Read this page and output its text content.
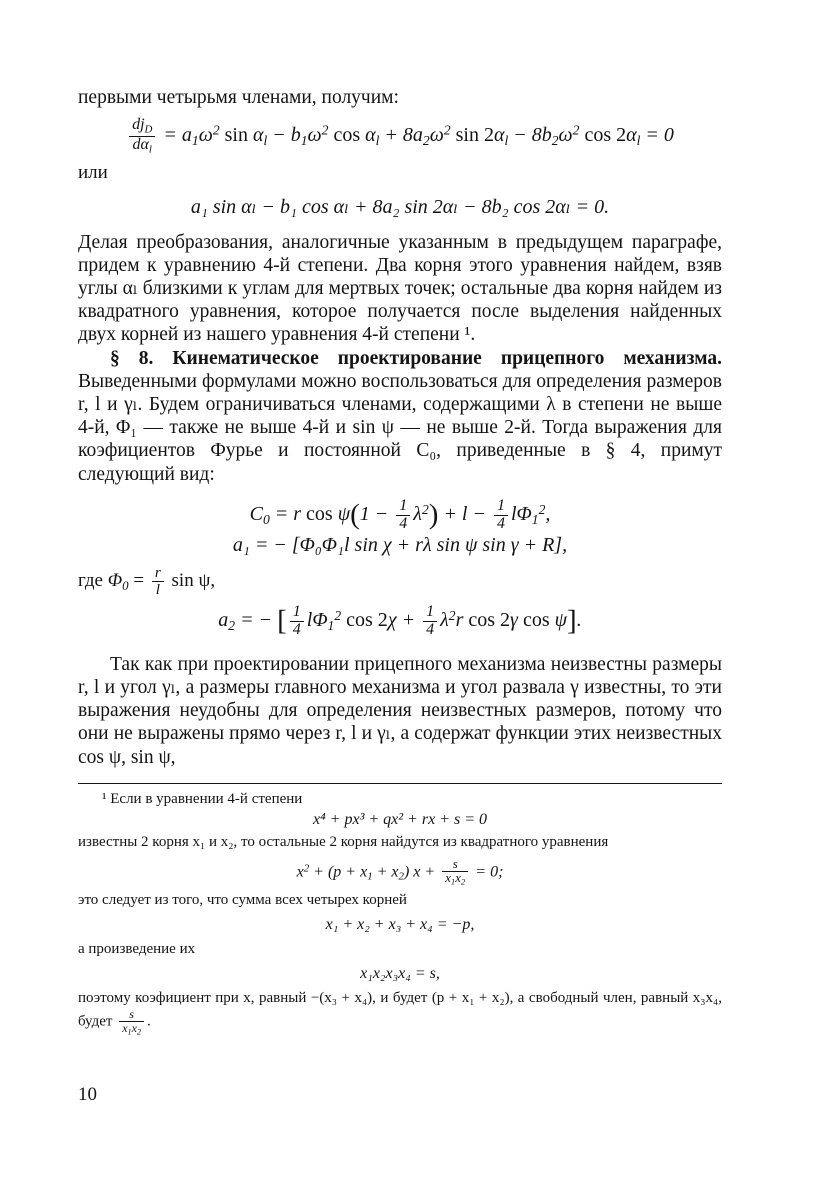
первыми четырьмя членами, получим:

$\frac{dj_D}{d\alpha_l} = a_1\omega^2$ $\sin \alpha_l - b_1\omega^2$ $\cos \alpha_l + 8a_2\omega^2$ $\sin 2\alpha_l - 8b_2\omega^2$ $\cos 2\alpha_l = 0$

или

a₁ sin αₗ − b₁ cos αₗ + 8a₂ sin 2αₗ − 8b₂ cos 2αₗ = 0.

Делая преобразования, аналогичные указанным в предыдущем параграфе, придем к уравнению 4-й степени. Два корня этого уравнения найдем, взяв углы αₗ близкими к углам для мертвых точек; остальные два корня найдем из квадратного уравнения, которое получается после выделения найденных двух корней из нашего уравнения 4-й степени ¹.

§ 8. Кинематическое проектирование прицепного механизма. Выведенными формулами можно воспользоваться для определения размеров r, l и γₗ. Будем ограничиваться членами, содержащими λ в степени не выше 4-й, Φ₁ — также не выше 4-й и sin ψ — не выше 2-й. Тогда выражения для коэфициентов Фурье и постоянной C₀, приведенные в § 4, примут следующий вид:

$C_0 = r$ $\cos \psi(1 - \frac{1}{4} \lambda^2) + l - \frac{1}{4} l\Phi_1^2$,

a₁ = − [Φ₀Φ₁l sin χ + rλ sin ψ sin γ + R],

где $\Phi_0 = \frac{r}{l}$ sin ψ,

$a_2$ = − [ $\frac{1}{4} l\Phi_1^2$ $\cos 2\chi + \frac{1}{4} \lambda^2r$ cos 2γ cos ψ].

Так как при проектировании прицепного механизма неизвестны размеры r, l и угол γₗ, а размеры главного механизма и угол развала γ известны, то эти выражения неудобны для определения неизвестных размеров, потому что они не выражены прямо через r, l и γₗ, а содержат функции этих неизвестных cos ψ, sin ψ,

¹ Если в уравнении 4-й степени

x⁴ + px³ + qx² + rx + s = 0

известны 2 корня x₁ и x₂, то остальные 2 корня найдутся из квадратного уравнения

$x^2 + (p + x_1 + x_2) x + \frac{s}{x_1x_2} = 0$;

это следует из того, что сумма всех четырех корней

x₁ + x₂ + x₃ + x₄ = −p,

а произведение их

x₁x₂x₃x₄ = s,

поэтому коэфициент при x, равный −(x₃ + x₄), и будет (p + x₁ + x₂), а свободный член, равный x₃x₄, будет $\frac{s}{x_1x_2}$ .

10
